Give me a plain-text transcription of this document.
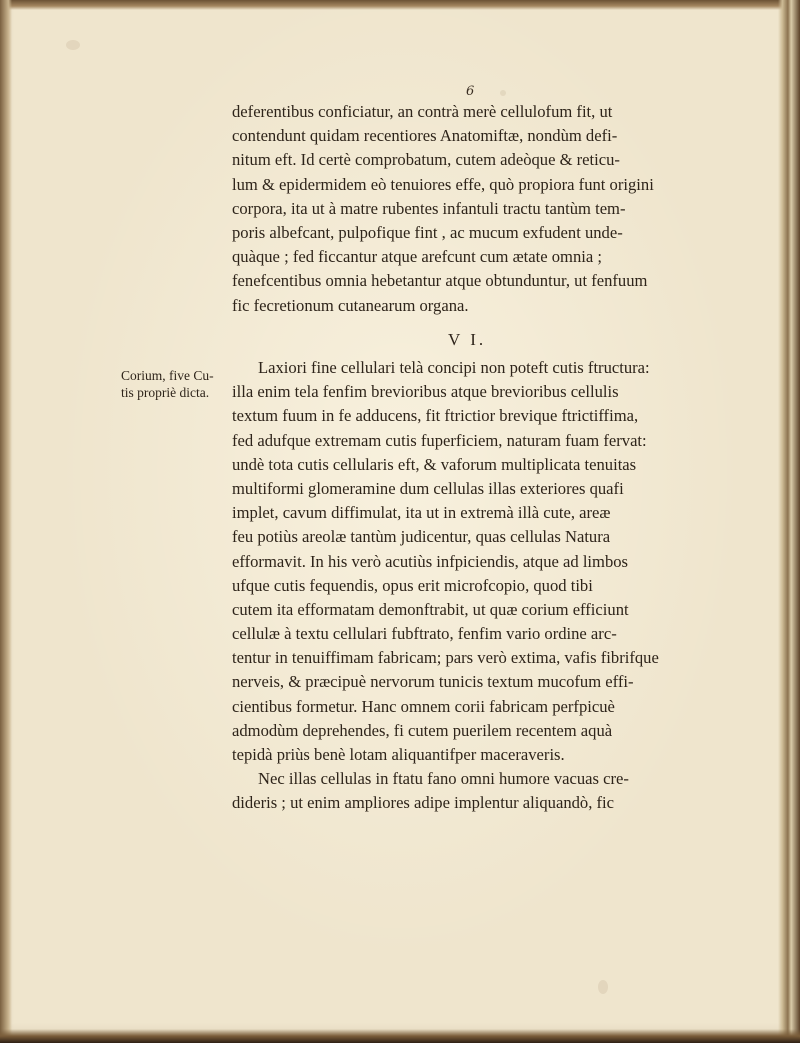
6
deferentibus conficiatur, an contrà merè cellulofum fit, ut
contendunt quidam recentiores Anatomiftæ, nondùm defi-
nitum eft. Id certè comprobatum, cutem adeòque & reticu-
lum & epidermidem eò tenuiores effe, quò propiora funt origini
corpora, ita ut à matre rubentes infantuli tractu tantùm tem-
poris albefcant, pulpofique fint , ac mucum exfudent unde-
quàque ; fed ficcantur atque arefcunt cum ætate omnia ;
fenefcentibus omnia hebetantur atque obtunduntur, ut fenfuum
fic fecretionum cutanearum organa.
V I.
Corium, five Cu-
tis propriè dicta.
Laxiori fine cellulari telà concipi non poteft cutis ftructura:
illa enim tela fenfim brevioribus atque brevioribus cellulis
textum fuum in fe adducens, fit ftrictior brevique ftrictiffima,
fed adufque extremam cutis fuperficiem, naturam fuam fervat:
undè tota cutis cellularis eft, & vaforum multiplicata tenuitas
multiformi glomeramine dum cellulas illas exteriores quafi
implet, cavum diffimulat, ita ut in extremà illà cute, areæ
feu potiùs areolæ tantùm judicentur, quas cellulas Natura
efformavit. In his verò acutiùs infpiciendis, atque ad limbos
ufque cutis fequendis, opus erit microfcopio, quod tibi
cutem ita efformatam demonftrabit, ut quæ corium efficiunt
cellulæ à textu cellulari fubftrato, fenfim vario ordine arc-
tentur in tenuiffimam fabricam; pars verò extima, vafis fibrifque
nerveis, & præcipuè nervorum tunicis textum mucofum effi-
cientibus formetur. Hanc omnem corii fabricam perfpicuè
admodùm deprehendes, fi cutem puerilem recentem aquà
tepidà priùs benè lotam aliquantifper maceraveris.
Nec illas cellulas in ftatu fano omni humore vacuas cre-
dideris ; ut enim ampliores adipe implentur aliquandò, fic
